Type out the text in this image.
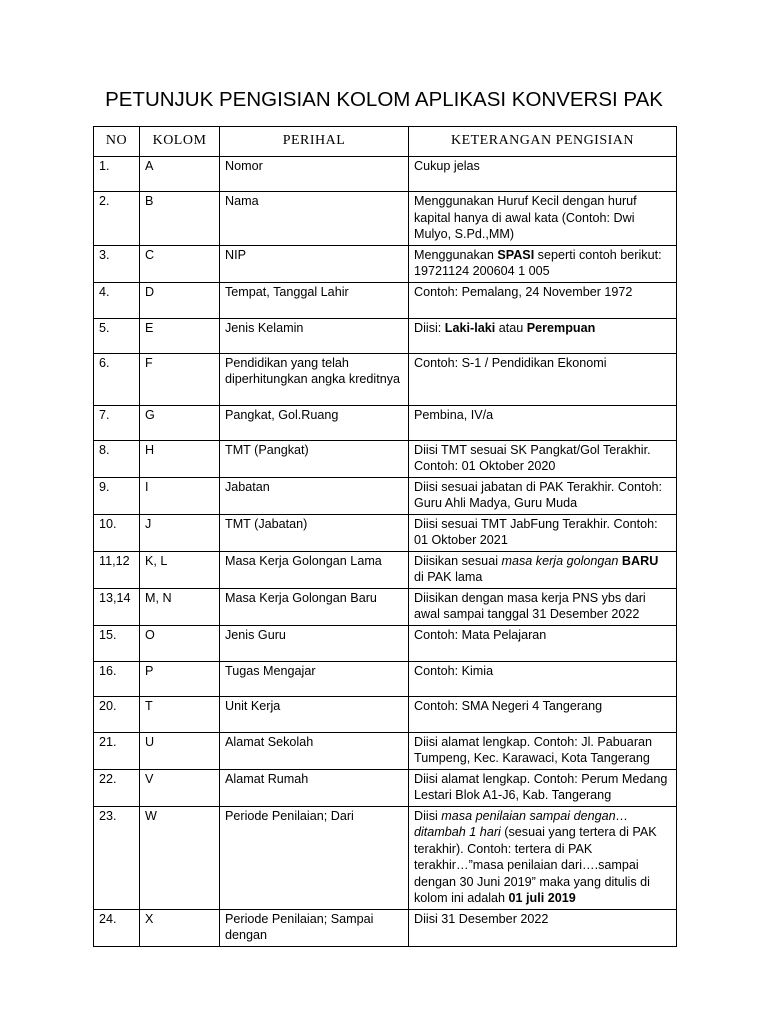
PETUNJUK PENGISIAN KOLOM APLIKASI KONVERSI PAK
NO	KOLOM	PERIHAL	KETERANGAN PENGISIAN
1.	A	Nomor	Cukup jelas
2.	B	Nama	Menggunakan Huruf Kecil dengan huruf kapital hanya di awal kata (Contoh: Dwi Mulyo, S.Pd.,MM)
3.	C	NIP	Menggunakan SPASI seperti contoh berikut: 19721124 200604 1 005
4.	D	Tempat, Tanggal Lahir	Contoh: Pemalang, 24 November 1972
5.	E	Jenis Kelamin	Diisi: Laki-laki atau Perempuan
6.	F	Pendidikan yang telah diperhitungkan angka kreditnya	Contoh: S-1 / Pendidikan Ekonomi
7.	G	Pangkat, Gol.Ruang	Pembina, IV/a
8.	H	TMT (Pangkat)	Diisi TMT sesuai SK Pangkat/Gol Terakhir. Contoh: 01 Oktober 2020
9.	I	Jabatan	Diisi sesuai jabatan di PAK Terakhir. Contoh: Guru Ahli Madya, Guru Muda
10.	J	TMT (Jabatan)	Diisi sesuai TMT JabFung Terakhir. Contoh: 01 Oktober 2021
11,12	K, L	Masa Kerja Golongan Lama	Diisikan sesuai masa kerja golongan BARU di PAK lama
13,14	M, N	Masa Kerja Golongan Baru	Diisikan dengan masa kerja PNS ybs dari awal sampai tanggal 31 Desember 2022
15.	O	Jenis Guru	Contoh: Mata Pelajaran
16.	P	Tugas Mengajar	Contoh: Kimia
20.	T	Unit Kerja	Contoh: SMA Negeri 4 Tangerang
21.	U	Alamat Sekolah	Diisi alamat lengkap. Contoh: Jl. Pabuaran Tumpeng, Kec. Karawaci, Kota Tangerang
22.	V	Alamat Rumah	Diisi alamat lengkap. Contoh: Perum Medang Lestari Blok A1-J6, Kab. Tangerang
23.	W	Periode Penilaian; Dari	Diisi masa penilaian sampai dengan…ditambah 1 hari (sesuai yang tertera di PAK terakhir). Contoh: tertera di PAK terakhir…”masa penilaian dari….sampai dengan 30 Juni 2019” maka yang ditulis di kolom ini adalah 01 juli 2019
24.	X	Periode Penilaian; Sampai dengan	Diisi 31 Desember 2022
